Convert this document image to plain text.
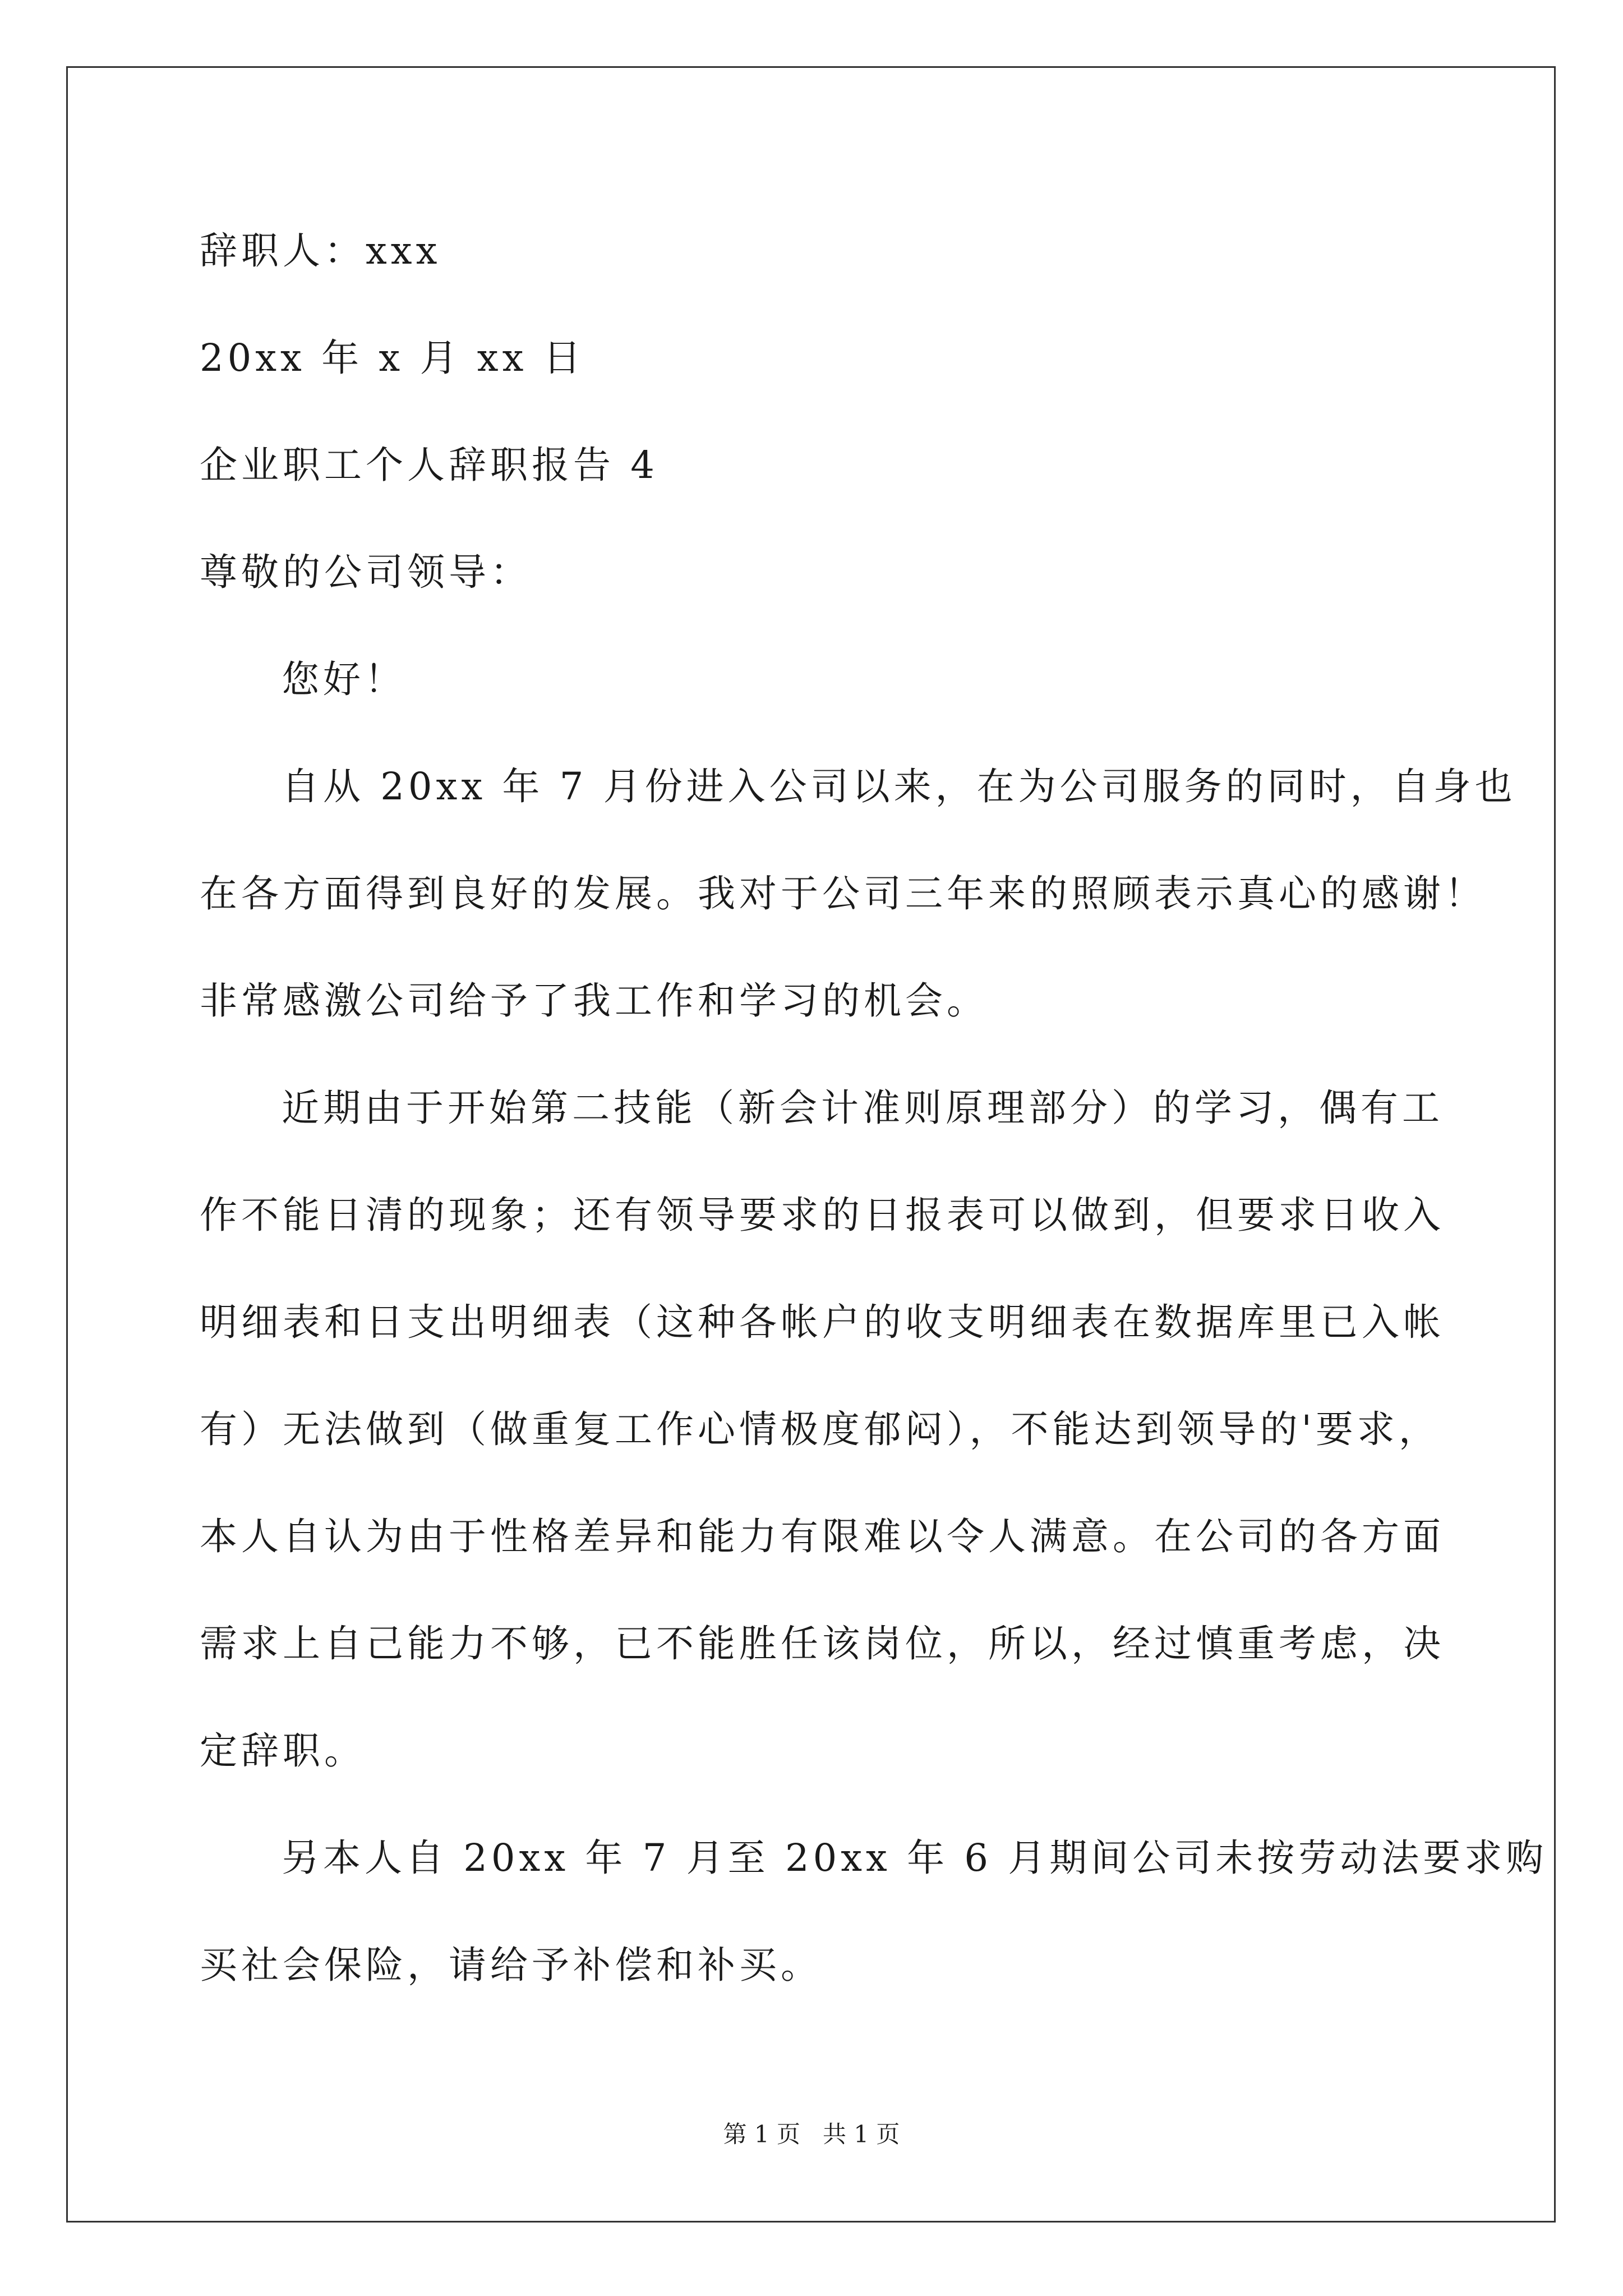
辞职人：xxx
20xx 年 x 月 xx 日
企业职工个人辞职报告 4
尊敬的公司领导：
您好！
自从 20xx 年 7 月份进入公司以来，在为公司服务的同时，自身也
在各方面得到良好的发展。我对于公司三年来的照顾表示真心的感谢！
非常感激公司给予了我工作和学习的机会。
近期由于开始第二技能（新会计准则原理部分）的学习，偶有工
作不能日清的现象；还有领导要求的日报表可以做到，但要求日收入
明细表和日支出明细表（这种各帐户的收支明细表在数据库里已入帐
有）无法做到（做重复工作心情极度郁闷），不能达到领导的'要求，
本人自认为由于性格差异和能力有限难以令人满意。在公司的各方面
需求上自己能力不够，已不能胜任该岗位，所以，经过慎重考虑，决
定辞职。
另本人自 20xx 年 7 月至 20xx 年 6 月期间公司未按劳动法要求购
买社会保险，请给予补偿和补买。
第 1 页 共 1 页
